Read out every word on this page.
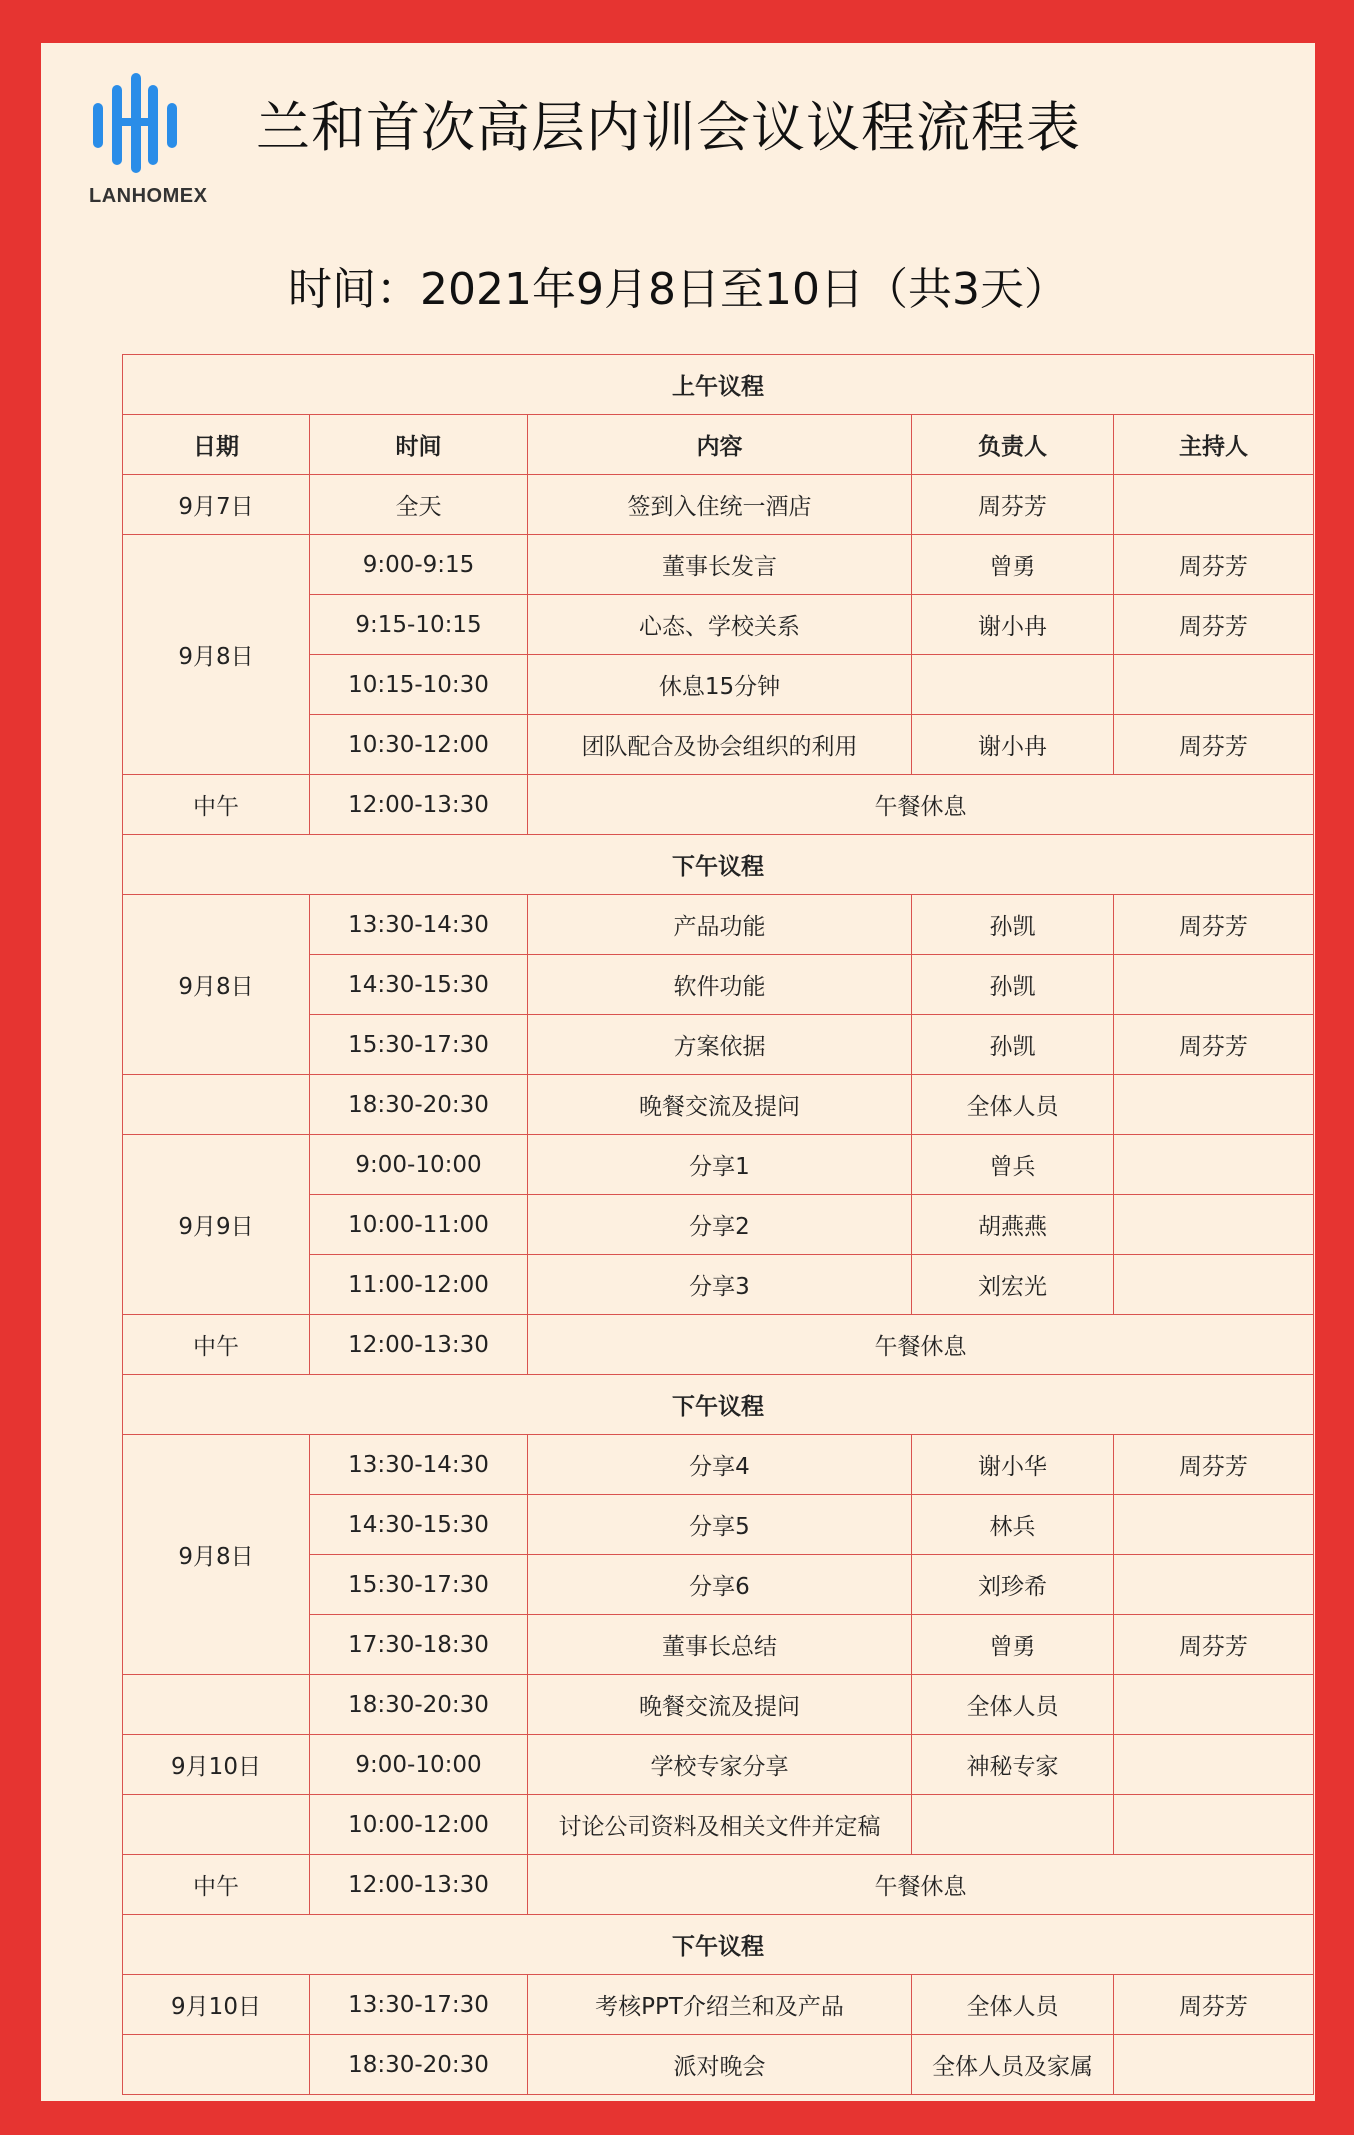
LANHOMEX
兰和首次高层内训会议议程流程表
时间：2021年9月8日至10日（共3天）
上午议程				
日期	时间	内容	负责人	主持人
9月7日	全天	签到入住统一酒店	周芬芳	
9月8日	9:00-9:15	董事长发言	曾勇	周芬芳
	9:15-10:15	心态、学校关系	谢小冉	周芬芳
	10:15-10:30	休息15分钟		
	10:30-12:00	团队配合及协会组织的利用	谢小冉	周芬芳
中午	12:00-13:30	午餐休息		
下午议程				
9月8日	13:30-14:30	产品功能	孙凯	周芬芳
	14:30-15:30	软件功能	孙凯	
	15:30-17:30	方案依据	孙凯	周芬芳
	18:30-20:30	晚餐交流及提问	全体人员	
9月9日	9:00-10:00	分享1	曾兵	
	10:00-11:00	分享2	胡燕燕	
	11:00-12:00	分享3	刘宏光	
中午	12:00-13:30	午餐休息		
下午议程				
9月8日	13:30-14:30	分享4	谢小华	周芬芳
	14:30-15:30	分享5	林兵	
	15:30-17:30	分享6	刘珍希	
	17:30-18:30	董事长总结	曾勇	周芬芳
	18:30-20:30	晚餐交流及提问	全体人员	
9月10日	9:00-10:00	学校专家分享	神秘专家	
	10:00-12:00	讨论公司资料及相关文件并定稿		
中午	12:00-13:30	午餐休息		
下午议程				
9月10日	13:30-17:30	考核PPT介绍兰和及产品	全体人员	周芬芳
	18:30-20:30	派对晚会	全体人员及家属	
